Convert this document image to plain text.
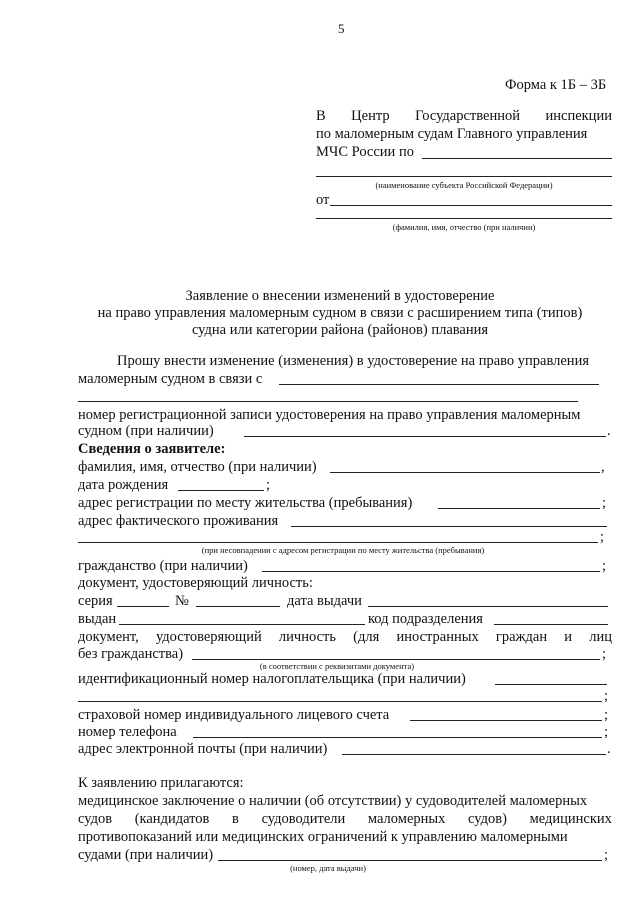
5
Форма к 1Б – 3Б
В Центр Государственной инспекции
по маломерным судам Главного управления
МЧС России по
(наименование субъекта Российской Федерации)
от
(фамилия, имя, отчество (при наличии)
Заявление о внесении изменений в удостоверение
на право управления маломерным судном в связи с расширением типа (типов)
судна или категории района (районов) плавания
Прошу внести изменение (изменения) в удостоверение на право управления
маломерным судном в связи с
номер регистрационной записи удостоверения на право управления маломерным
судном (при наличии)	.
Сведения о заявителе:
фамилия, имя, отчество (при наличии)	,
дата рождения	;
адрес регистрации по месту жительства (пребывания)	;
адрес фактического проживания
;
(при несовпадении с адресом регистрации по месту жительства (пребывания)
гражданство (при наличии)	;
документ, удостоверяющий личность:
серия	№	дата выдачи
выдан	код подразделения
документ, удостоверяющий личность (для иностранных граждан и лиц
без гражданства)	;
(в соответствии с реквизитами документа)
идентификационный номер налогоплательщика (при наличии)
;
страховой номер индивидуального лицевого счета	;
номер телефона	;
адрес электронной почты (при наличии)	.
К заявлению прилагаются:
медицинское заключение о наличии (об отсутствии) у судоводителей маломерных
судов (кандидатов в судоводители маломерных судов) медицинских
противопоказаний или медицинских ограничений к управлению маломерными
судами (при наличии)	;
(номер, дата выдачи)
